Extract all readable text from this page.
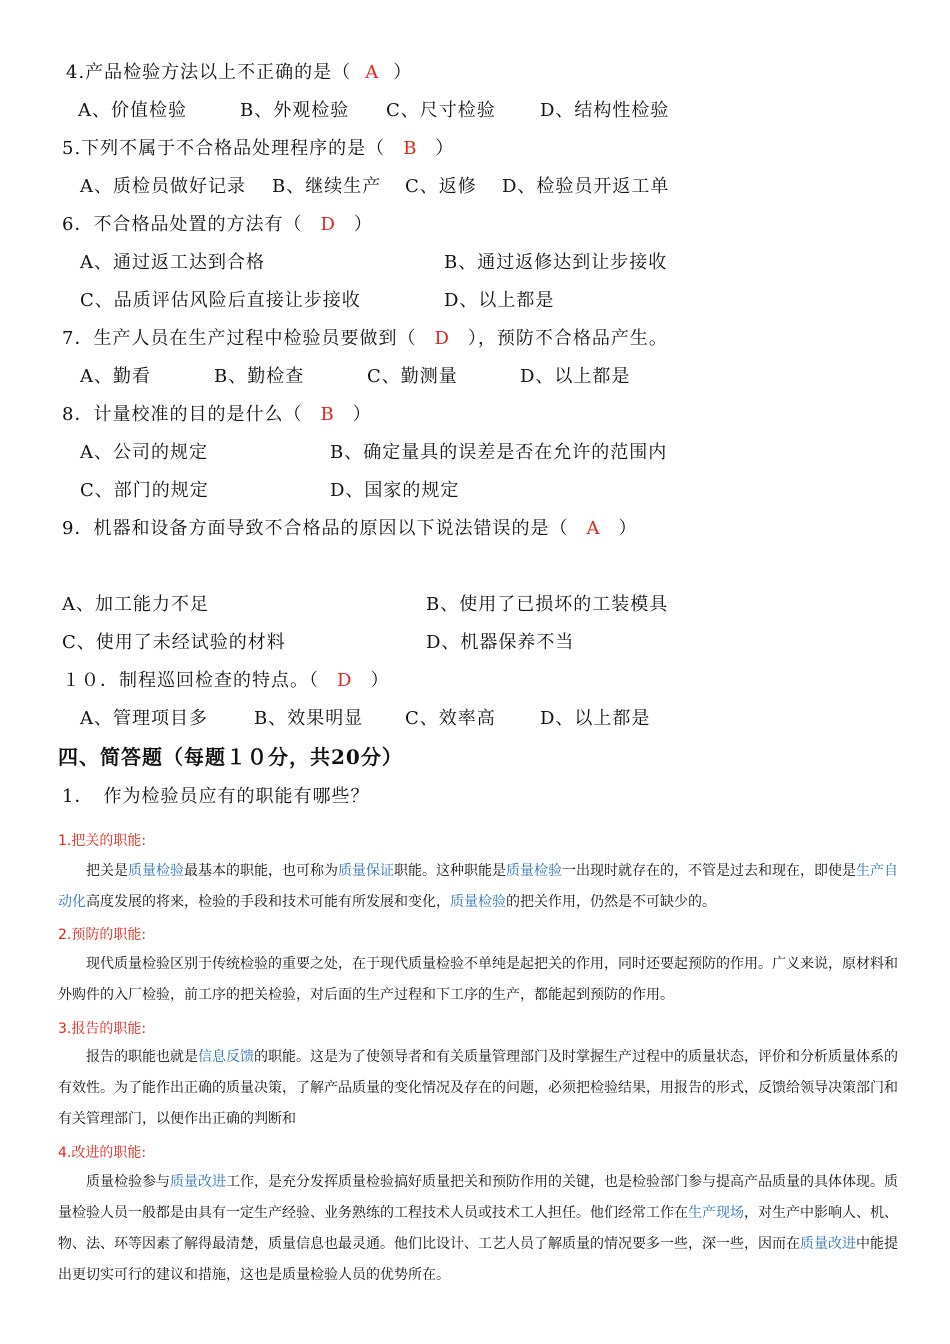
4.产品检验方法以上不正确的是（ A ）
A、价值检验	B、外观检验 C、尺寸检验 D、结构性检验
5.下列不属于不合格品处理程序的是（ B ）
A、质检员做好记录 B、继续生产 C、返修 D、检验员开返工单
6．不合格品处置的方法有（ D ）
A、通过返工达到合格	B、通过返修达到让步接收
C、品质评估风险后直接让步接收	D、以上都是
7．生产人员在生产过程中检验员要做到（ D ），预防不合格品产生。
A、勤看	B、勤检查	C、勤测量	D、以上都是
8．计量校准的目的是什么（ B ）
A、公司的规定	B、确定量具的误差是否在允许的范围内
C、部门的规定	D、国家的规定
9．机器和设备方面导致不合格品的原因以下说法错误的是（ A ）
A、加工能力不足	B、使用了已损坏的工装模具
C、使用了未经试验的材料	D、机器保养不当
１０．制程巡回检查的特点。（ D ）
A、管理项目多	B、效果明显 C、效率高 D、以上都是
四、简答题（每题１０分，共20分）
1．　作为检验员应有的职能有哪些？
1.把关的职能:
把关是质量检验最基本的职能，也可称为质量保证职能。这种职能是质量检验一出现时就存在的，不管是过去和现在，即使是生产自动化高度发展的将来，检验的手段和技术可能有所发展和变化，质量检验的把关作用，仍然是不可缺少的。
2.预防的职能:
现代质量检验区别于传统检验的重要之处，在于现代质量检验不单纯是起把关的作用，同时还要起预防的作用。广义来说，原材料和外购件的入厂检验，前工序的把关检验，对后面的生产过程和下工序的生产，都能起到预防的作用。
3.报告的职能:
报告的职能也就是信息反馈的职能。这是为了使领导者和有关质量管理部门及时掌握生产过程中的质量状态，评价和分析质量体系的有效性。为了能作出正确的质量决策，了解产品质量的变化情况及存在的问题，必须把检验结果，用报告的形式，反馈给领导决策部门和有关管理部门，以便作出正确的判断和
4.改进的职能:
质量检验参与质量改进工作，是充分发挥质量检验搞好质量把关和预防作用的关键，也是检验部门参与提高产品质量的具体体现。质量检验人员一般都是由具有一定生产经验、业务熟练的工程技术人员或技术工人担任。他们经常工作在生产现场，对生产中影响人、机、物、法、环等因素了解得最清楚，质量信息也最灵通。他们比设计、工艺人员了解质量的情况要多一些，深一些，因而在质量改进中能提出更切实可行的建议和措施，这也是质量检验人员的优势所在。
